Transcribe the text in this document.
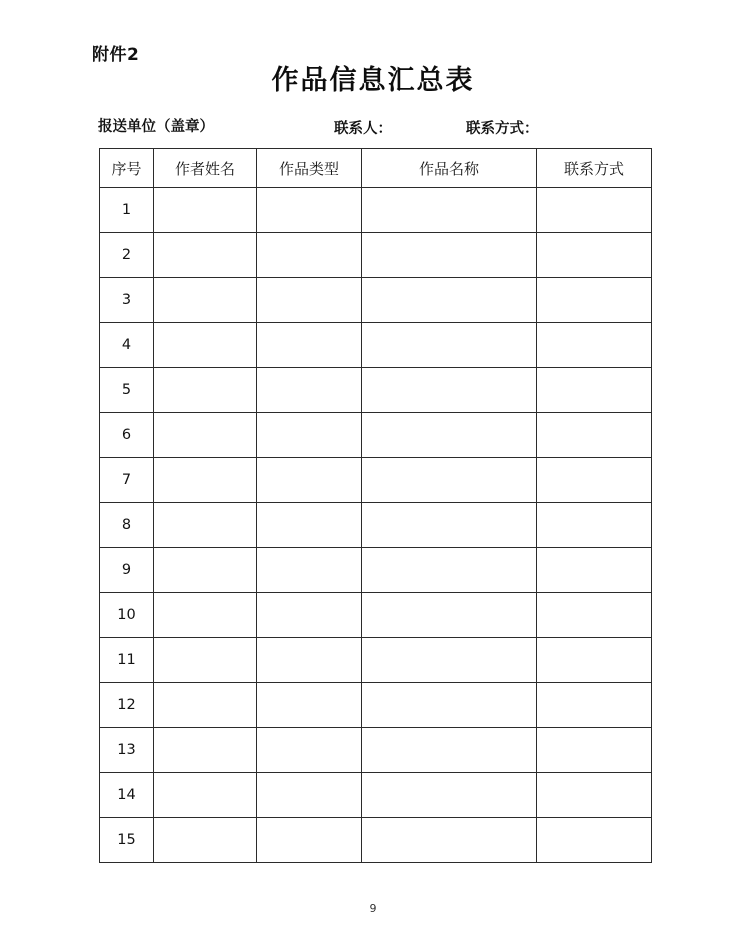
附件2
作品信息汇总表
报送单位（盖章）	联系人：	联系方式：
序号	作者姓名	作品类型	作品名称	联系方式
1				
2				
3				
4				
5				
6				
7				
8				
9				
10				
11				
12				
13				
14				
15				
9
